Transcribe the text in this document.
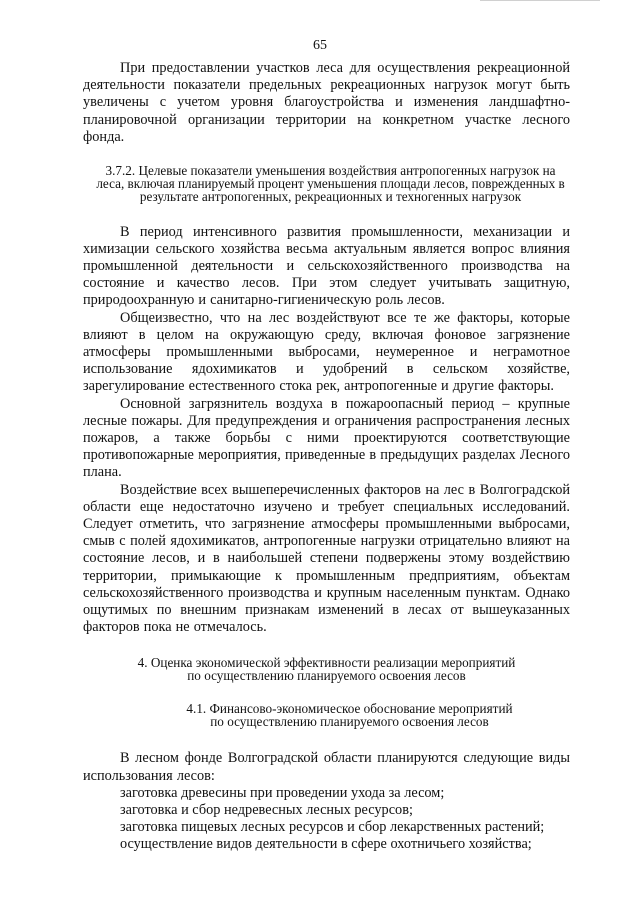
65

При предоставлении участков леса для осуществления рекреационной деятельности показатели предельных рекреационных нагрузок могут быть увеличены с учетом уровня благоустройства и изменения ландшафтно-планировочной организации территории на конкретном участке лесного фонда.

3.7.2. Целевые показатели уменьшения воздействия антропогенных нагрузок на леса, включая планируемый процент уменьшения площади лесов, поврежденных в результате антропогенных, рекреационных и техногенных нагрузок

В период интенсивного развития промышленности, механизации и химизации сельского хозяйства весьма актуальным является вопрос влияния промышленной деятельности и сельскохозяйственного производства на состояние и качество лесов. При этом следует учитывать защитную, природоохранную и санитарно-гигиеническую роль лесов.

Общеизвестно, что на лес воздействуют все те же факторы, которые влияют в целом на окружающую среду, включая фоновое загрязнение атмосферы промышленными выбросами, неумеренное и неграмотное использование ядохимикатов и удобрений в сельском хозяйстве, зарегулирование естественного стока рек, антропогенные и другие факторы.

Основной загрязнитель воздуха в пожароопасный период – крупные лесные пожары. Для предупреждения и ограничения распространения лесных пожаров, а также борьбы с ними проектируются соответствующие противопожарные мероприятия, приведенные в предыдущих разделах Лесного плана.

Воздействие всех вышеперечисленных факторов на лес в Волгоградской области еще недостаточно изучено и требует специальных исследований. Следует отметить, что загрязнение атмосферы промышленными выбросами, смыв с полей ядохимикатов, антропогенные нагрузки отрицательно влияют на состояние лесов, и в наибольшей степени подвержены этому воздействию территории, примыкающие к промышленным предприятиям, объектам сельскохозяйственного производства и крупным населенным пунктам. Однако ощутимых по внешним признакам изменений в лесах от вышеуказанных факторов пока не отмечалось.

4. Оценка экономической эффективности реализации мероприятий
по осуществлению планируемого освоения лесов

4.1. Финансово-экономическое обоснование мероприятий
по осуществлению планируемого освоения лесов

В лесном фонде Волгоградской области планируются следующие виды использования лесов:

заготовка древесины при проведении ухода за лесом;
заготовка и сбор недревесных лесных ресурсов;
заготовка пищевых лесных ресурсов и сбор лекарственных растений;
осуществление видов деятельности в сфере охотничьего хозяйства;
